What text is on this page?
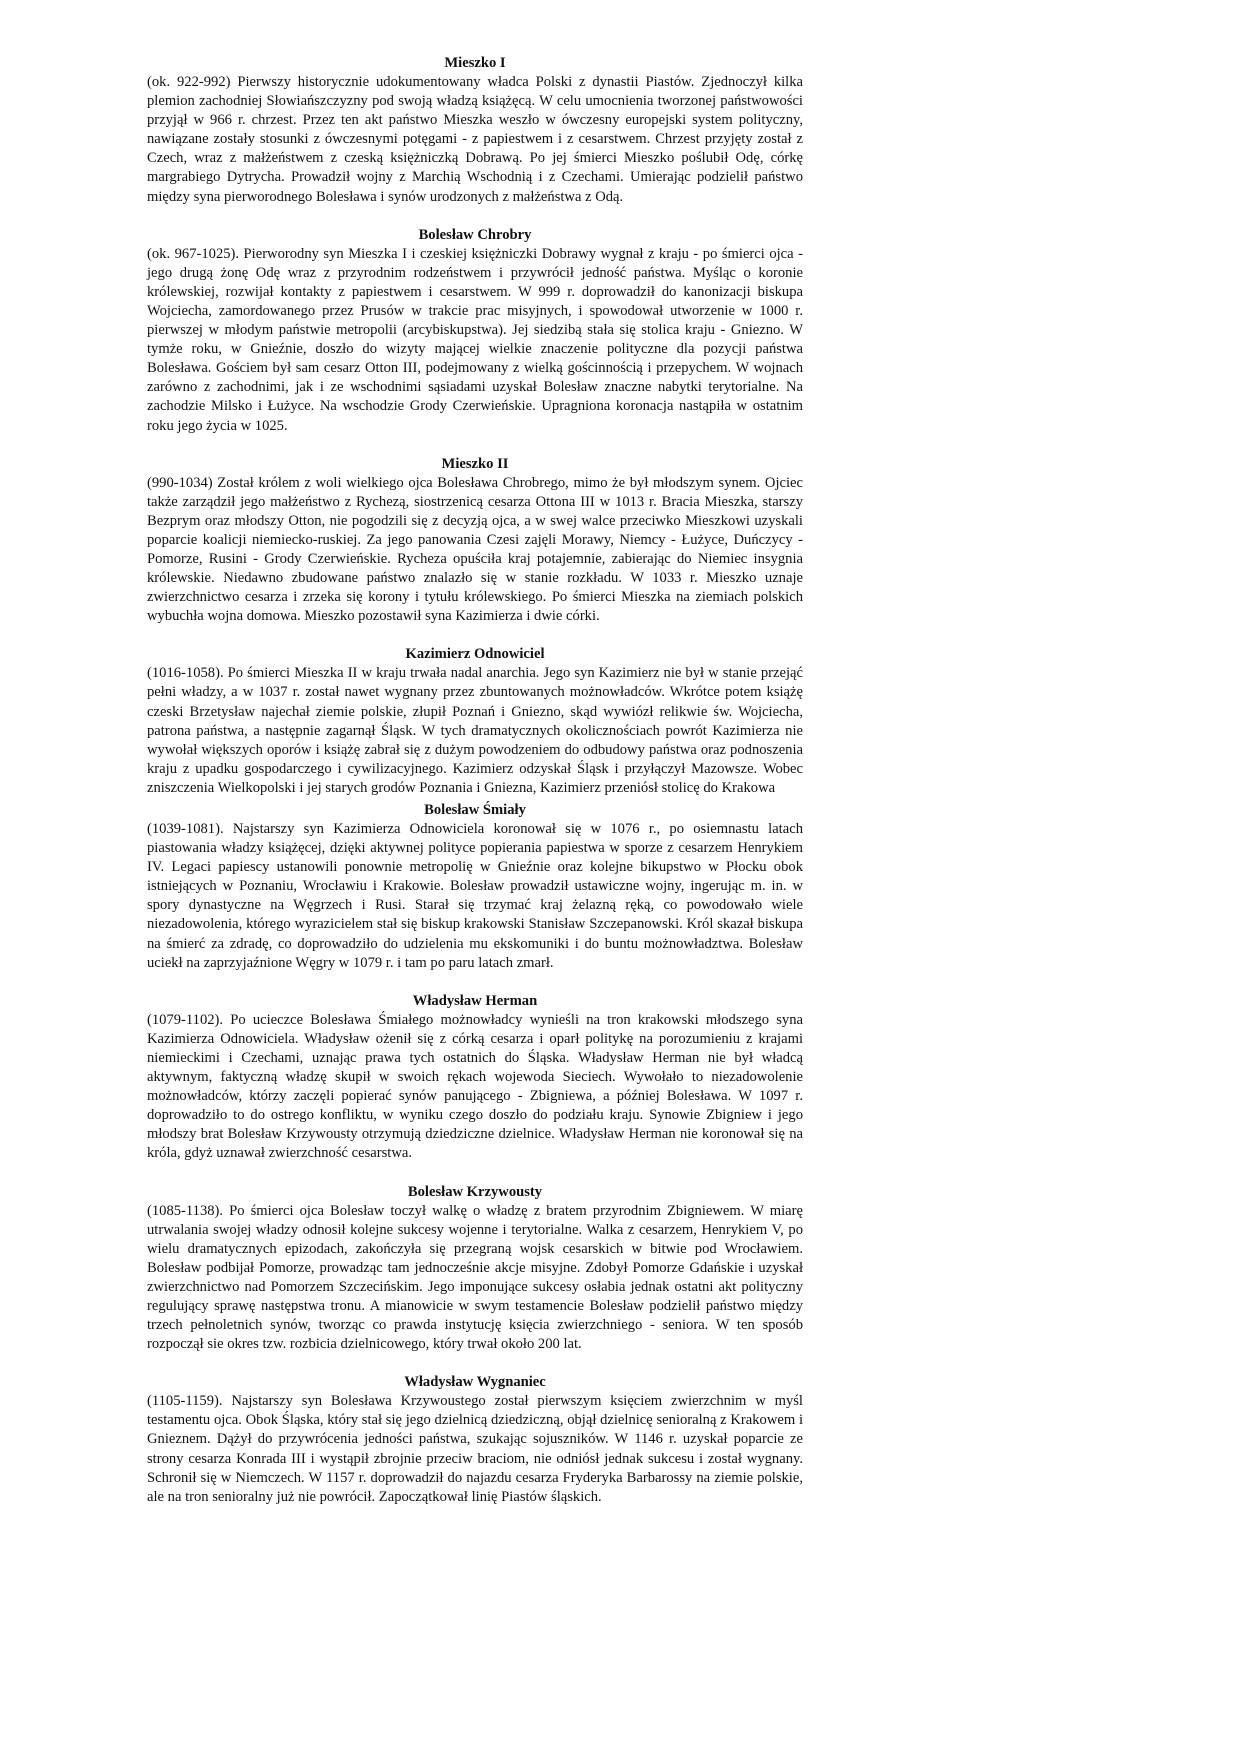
Mieszko I

(ok. 922-992) Pierwszy historycznie udokumentowany władca Polski z dynastii Piastów. Zjednoczył kilka plemion zachodniej Słowiańszczyzny pod swoją władzą książęcą. W celu umocnienia tworzonej państwowości przyjął w 966 r. chrzest. Przez ten akt państwo Mieszka weszło w ówczesny europejski system polityczny, nawiązane zostały stosunki z ówczesnymi potęgami - z papiestwem i z cesarstwem. Chrzest przyjęty został z Czech, wraz z małżeństwem z czeską księżniczką Dobrawą. Po jej śmierci Mieszko poślubił Odę, córkę margrabiego Dytrycha. Prowadził wojny z Marchią Wschodnią i z Czechami. Umierając podzielił państwo między syna pierworodnego Bolesława i synów urodzonych z małżeństwa z Odą.

Bolesław Chrobry

(ok. 967-1025). Pierworodny syn Mieszka I i czeskiej księżniczki Dobrawy wygnał z kraju - po śmierci ojca - jego drugą żonę Odę wraz z przyrodnim rodzeństwem i przywrócił jedność państwa. Myśląc o koronie królewskiej, rozwijał kontakty z papiestwem i cesarstwem. W 999 r. doprowadził do kanonizacji biskupa Wojciecha, zamordowanego przez Prusów w trakcie prac misyjnych, i spowodował utworzenie w 1000 r. pierwszej w młodym państwie metropolii (arcybiskupstwa). Jej siedzibą stała się stolica kraju - Gniezno. W tymże roku, w Gnieźnie, doszło do wizyty mającej wielkie znaczenie polityczne dla pozycji państwa Bolesława. Gościem był sam cesarz Otton III, podejmowany z wielką gościnnością i przepychem. W wojnach zarówno z zachodnimi, jak i ze wschodnimi sąsiadami uzyskał Bolesław znaczne nabytki terytorialne. Na zachodzie Milsko i Łużyce. Na wschodzie Grody Czerwieńskie. Upragniona koronacja nastąpiła w ostatnim roku jego życia w 1025.

Mieszko II

(990-1034) Został królem z woli wielkiego ojca Bolesława Chrobrego, mimo że był młodszym synem. Ojciec także zarządził jego małżeństwo z Rychezą, siostrzenicą cesarza Ottona III w 1013 r. Bracia Mieszka, starszy Bezprym oraz młodszy Otton, nie pogodzili się z decyzją ojca, a w swej walce przeciwko Mieszkowi uzyskali poparcie koalicji niemiecko-ruskiej. Za jego panowania Czesi zajęli Morawy, Niemcy - Łużyce, Duńczycy - Pomorze, Rusini - Grody Czerwieńskie. Rycheza opuściła kraj potajemnie, zabierając do Niemiec insygnia królewskie. Niedawno zbudowane państwo znalazło się w stanie rozkładu. W 1033 r. Mieszko uznaje zwierzchnictwo cesarza i zrzeka się korony i tytułu królewskiego. Po śmierci Mieszka na ziemiach polskich wybuchła wojna domowa. Mieszko pozostawił syna Kazimierza i dwie córki.

Kazimierz Odnowiciel

(1016-1058). Po śmierci Mieszka II w kraju trwała nadal anarchia. Jego syn Kazimierz nie był w stanie przejąć pełni władzy, a w 1037 r. został nawet wygnany przez zbuntowanych możnowładców. Wkrótce potem książę czeski Brzetysław najechał ziemie polskie, złupił Poznań i Gniezno, skąd wywiózł relikwie św. Wojciecha, patrona państwa, a następnie zagarnął Śląsk. W tych dramatycznych okolicznościach powrót Kazimierza nie wywołał większych oporów i książę zabrał się z dużym powodzeniem do odbudowy państwa oraz podnoszenia kraju z upadku gospodarczego i cywilizacyjnego. Kazimierz odzyskał Śląsk i przyłączył Mazowsze. Wobec zniszczenia Wielkopolski i jej starych grodów Poznania i Gniezna, Kazimierz przeniósł stolicę do Krakowa

Bolesław Śmiały

(1039-1081). Najstarszy syn Kazimierza Odnowiciela koronował się w 1076 r., po osiemnastu latach piastowania władzy książęcej, dzięki aktywnej polityce popierania papiestwa w sporze z cesarzem Henrykiem IV. Legaci papiescy ustanowili ponownie metropolię w Gnieźnie oraz kolejne bikupstwo w Płocku obok istniejących w Poznaniu, Wrocławiu i Krakowie. Bolesław prowadził ustawiczne wojny, ingerując m. in. w spory dynastyczne na Węgrzech i Rusi. Starał się trzymać kraj żelazną ręką, co powodowało wiele niezadowolenia, którego wyrazicielem stał się biskup krakowski Stanisław Szczepanowski. Król skazał biskupa na śmierć za zdradę, co doprowadziło do udzielenia mu ekskomuniki i do buntu możnowładztwa. Bolesław uciekł na zaprzyjaźnione Węgry w 1079 r. i tam po paru latach zmarł.

Władysław Herman

(1079-1102). Po ucieczce Bolesława Śmiałego możnowładcy wynieśli na tron krakowski młodszego syna Kazimierza Odnowiciela. Władysław ożenił się z córką cesarza i oparł politykę na porozumieniu z krajami niemieckimi i Czechami, uznając prawa tych ostatnich do Śląska. Władysław Herman nie był władcą aktywnym, faktyczną władzę skupił w swoich rękach wojewoda Sieciech. Wywołało to niezadowolenie możnowładców, którzy zaczęli popierać synów panującego - Zbigniewa, a później Bolesława. W 1097 r. doprowadziło to do ostrego konfliktu, w wyniku czego doszło do podziału kraju. Synowie Zbigniew i jego młodszy brat Bolesław Krzywousty otrzymują dziedziczne dzielnice. Władysław Herman nie koronował się na króla, gdyż uznawał zwierzchność cesarstwa.

Bolesław Krzywousty

(1085-1138). Po śmierci ojca Bolesław toczył walkę o władzę z bratem przyrodnim Zbigniewem. W miarę utrwalania swojej władzy odnosił kolejne sukcesy wojenne i terytorialne. Walka z cesarzem, Henrykiem V, po wielu dramatycznych epizodach, zakończyła się przegraną wojsk cesarskich w bitwie pod Wrocławiem. Bolesław podbijał Pomorze, prowadząc tam jednocześnie akcje misyjne. Zdobył Pomorze Gdańskie i uzyskał zwierzchnictwo nad Pomorzem Szczecińskim. Jego imponujące sukcesy osłabia jednak ostatni akt polityczny regulujący sprawę następstwa tronu. A mianowicie w swym testamencie Bolesław podzielił państwo między trzech pełnoletnich synów, tworząc co prawda instytucję księcia zwierzchniego - seniora. W ten sposób rozpoczął sie okres tzw. rozbicia dzielnicowego, który trwał około 200 lat.

Władysław Wygnaniec

(1105-1159). Najstarszy syn Bolesława Krzywoustego został pierwszym księciem zwierzchnim w myśl testamentu ojca. Obok Śląska, który stał się jego dzielnicą dziedziczną, objął dzielnicę senioralną z Krakowem i Gnieznem. Dążył do przywrócenia jedności państwa, szukając sojuszników. W 1146 r. uzyskał poparcie ze strony cesarza Konrada III i wystąpił zbrojnie przeciw braciom, nie odniósł jednak sukcesu i został wygnany. Schronił się w Niemczech. W 1157 r. doprowadził do najazdu cesarza Fryderyka Barbarossy na ziemie polskie, ale na tron senioralny już nie powrócił. Zapoczątkował linię Piastów śląskich.
